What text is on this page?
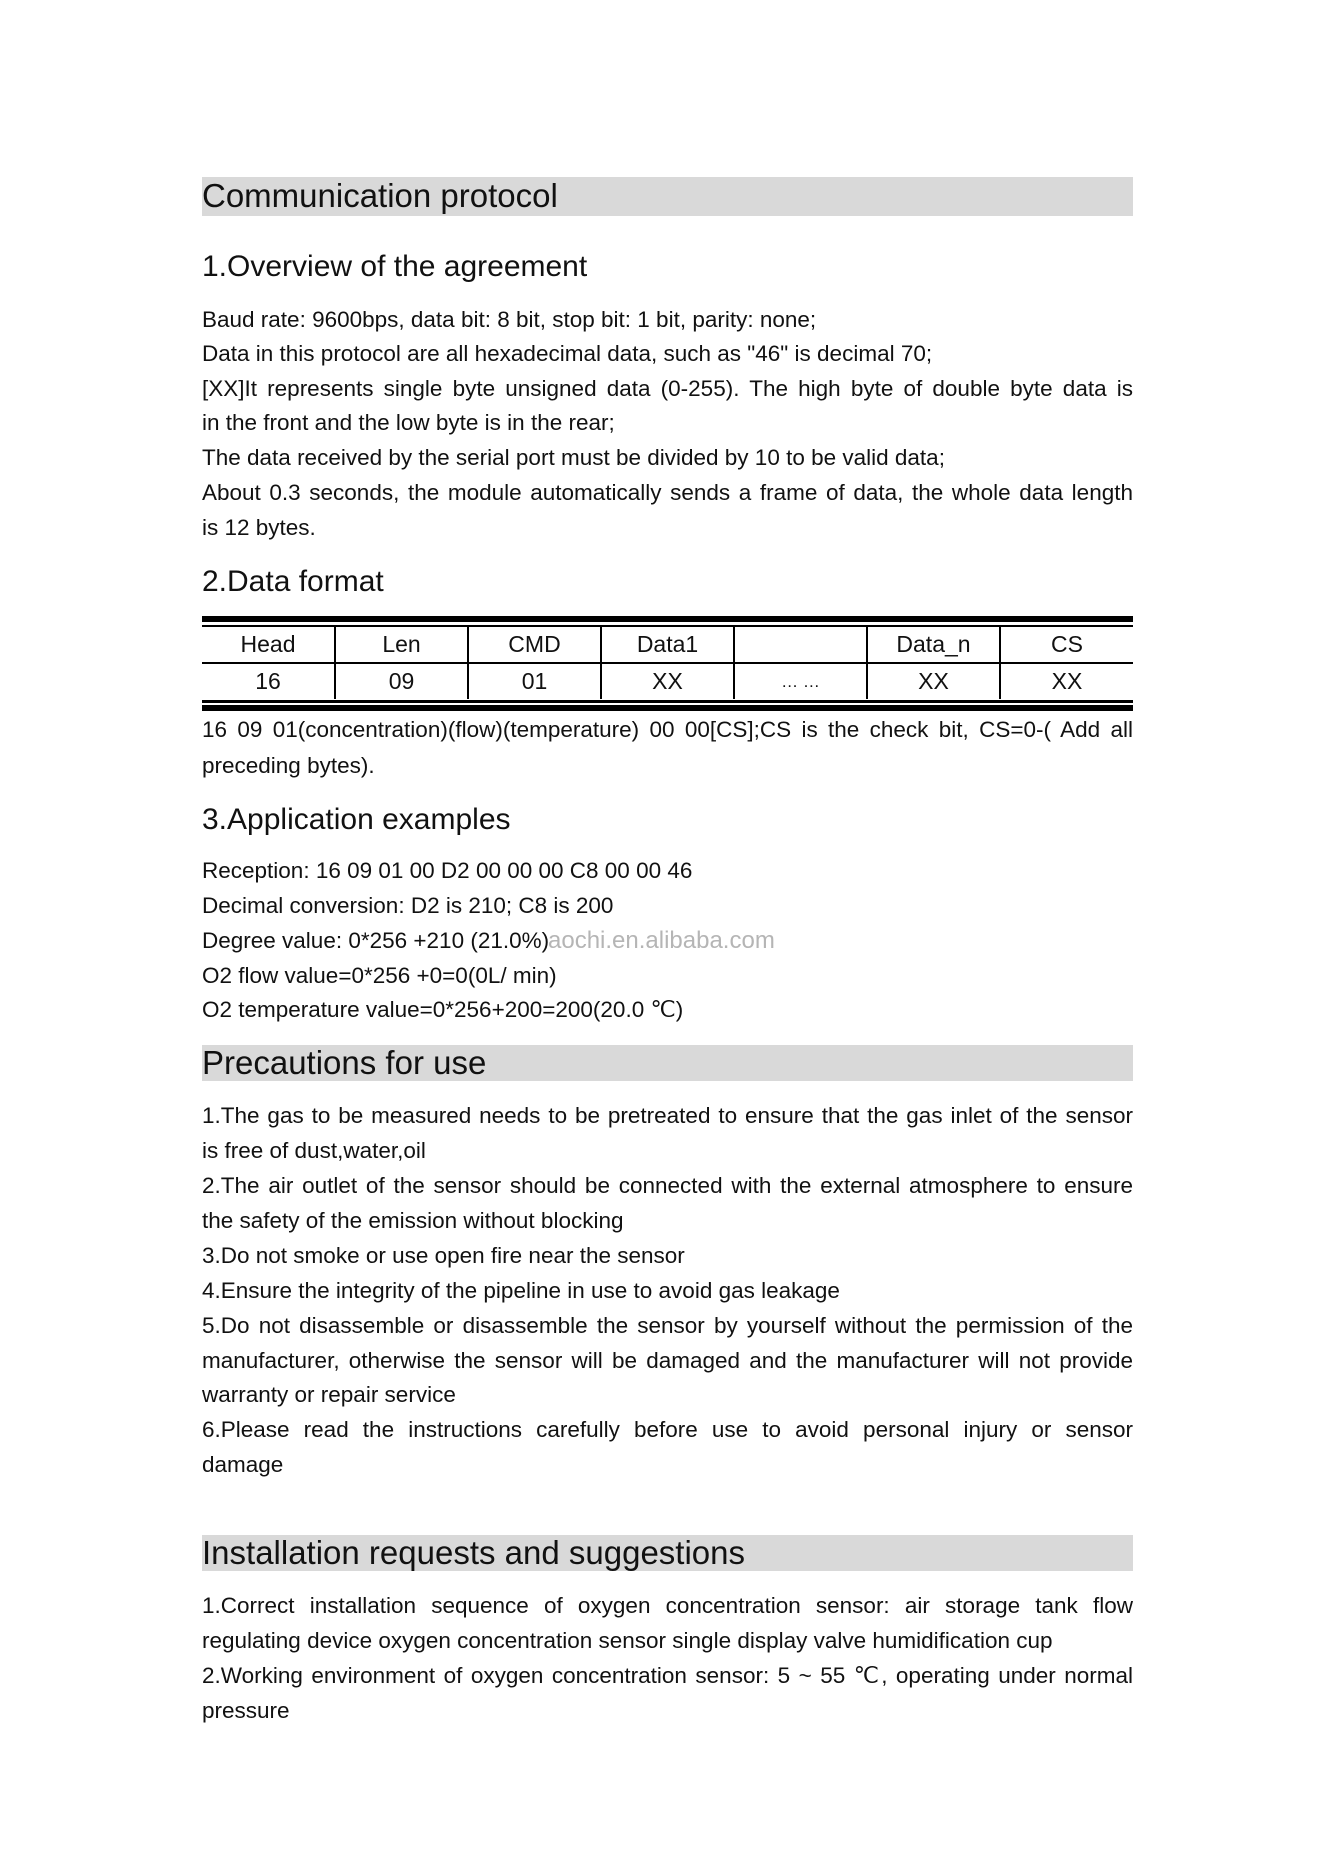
Communication protocol
1.Overview of the agreement
Baud rate: 9600bps, data bit: 8 bit, stop bit: 1 bit, parity: none;
Data in this protocol are all hexadecimal data, such as "46" is decimal 70;
[XX]It represents single byte unsigned data (0-255). The high byte of double byte data is
in the front and the low byte is in the rear;
The data received by the serial port must be divided by 10 to be valid data;
About 0.3 seconds, the module automatically sends a frame of data, the whole data length
is 12 bytes.
2.Data format
Head	Len	CMD	Data1		Data_n	CS
16	09	01	XX	… …	XX	XX
16 09 01(concentration)(flow)(temperature) 00 00[CS];CS is the check bit, CS=0-( Add all
preceding bytes).
3.Application examples
Reception: 16 09 01 00 D2 00 00 00 C8 00 00 46
Decimal conversion: D2 is 210; C8 is 200
Degree value: 0*256 +210 (21.0%)
O2 flow value=0*256 +0=0(0L/ min)
O2 temperature value=0*256+200=200(20.0 ℃)
aochi.en.alibaba.com
Precautions for use
1.The gas to be measured needs to be pretreated to ensure that the gas inlet of the sensor
is free of dust,water,oil
2.The air outlet of the sensor should be connected with the external atmosphere to ensure
the safety of the emission without blocking
3.Do not smoke or use open fire near the sensor
4.Ensure the integrity of the pipeline in use to avoid gas leakage
5.Do not disassemble or disassemble the sensor by yourself without the permission of the
manufacturer, otherwise the sensor will be damaged and the manufacturer will not provide
warranty or repair service
6.Please read the instructions carefully before use to avoid personal injury or sensor
damage
Installation requests and suggestions
1.Correct installation sequence of oxygen concentration sensor: air storage tank flow
regulating device oxygen concentration sensor single display valve humidification cup
2.Working environment of oxygen concentration sensor: 5 ~ 55 ℃, operating under normal
pressure
